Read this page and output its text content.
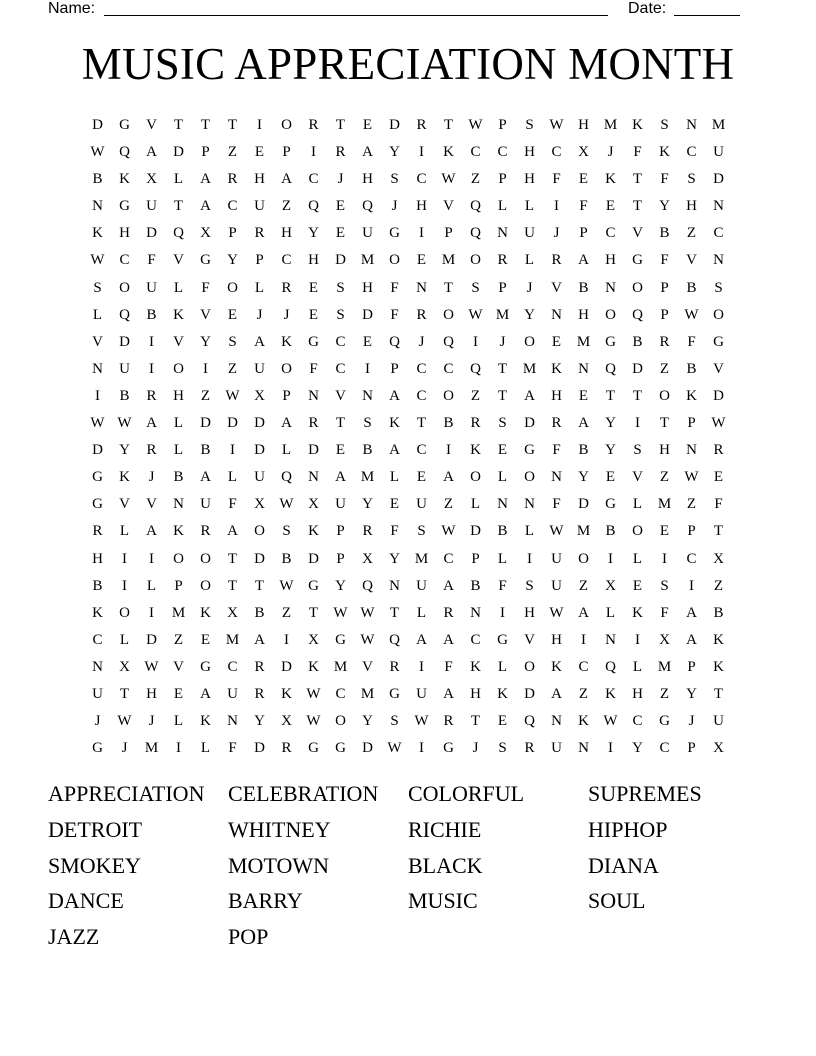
Name:	Date:
MUSIC APPRECIATION MONTH
D	G	V	T	T	T	I	O	R	T	E	D	R	T	W	P	S	W H M K	S	N M
W Q	A	D	P	Z	E	P	I	R	A	Y	I	K	C	C	H	C	X	J	F	K	C	U
B	K	X	L	A	R	H	A	C	J	H	S	C W	Z	P	H	F	E	K	T	F	S	D
N	G	U	T	A	C	U	Z	Q	E	Q	J	H	V	Q	L	L	I	F	E	T	Y	H	N
K	H	D	Q	X	P	R	H	Y	E	U	G	I	P	Q	N	U	J	P	C	V	B	Z	C
W C	F	V	G	Y	P	C	H	D M O	E	M O	R	L	R	A	H	G	F	V	N
S	O	U	L	F	O	L	R	E	S	H	F	N	T	S	P	J	V	B	N	O	P	B	S
L	Q	B	K	V	E	J	J	E	S	D	F	R	O W M Y	N	H	O	Q	P	W O
V	D	I	V	Y	S	A	K	G	C	E	Q	J	Q	I	J	O	E	M G	B	R	F	G
N	U	I	O	I	Z	U	O	F	C	I	P	C	C	Q	T	M K	N	Q	D	Z	B	V
I	B	R	H	Z	W X	P	N	V	N	A	C	O	Z	T	A	H	E	T	T	O	K	D
W W A	L	D	D	D	A	R	T	S	K	T	B	R	S	D	R	A	Y	I	T	P	W
D	Y	R	L	B	I	D	L	D	E	B	A	C	I	K	E	G	F	B	Y	S	H	N	R
G	K	J	B	A	L	U	Q	N	A M	L	E	A	O	L	O	N	Y	E	V	Z	W	E
G	V	V	N	U	F	X W X	U	Y	E	U	Z	L	N	N	F	D	G	L	M	Z	F
R	L	A	K	R	A	O	S	K	P	R	F	S	W D	B	L	W M	B	O	E	P	T
H	I	I	O	O	T	D	B	D	P	X	Y M	C	P	L	I	U	O	I	L	I	C	X
B	I	L	P	O	T	T	W G	Y	Q	N	U	A	B	F	S	U	Z	X	E	S	I	Z
K	O	I	M K	X	B	Z	T	W W	T	L	R	N	I	H W A	L	K	F	A	B
C	L	D	Z	E	M A	I	X	G W Q	A	A	C	G	V	H	I	N	I	X	A	K
N	X W V	G	C	R	D	K M V	R	I	F	K	L	O	K	C	Q	L	M	P	K
U	T	H	E	A	U	R	K W C	M G	U	A	H	K	D	A	Z	K	H	Z	Y	T
J	W	J	L	K	N	Y	X W O	Y	S	W R	T	E	Q	N	K W C	G	J	U
G	J	M	I	L	F	D	R	G	G	D W	I	G	J	S	R	U	N	I	Y	C	P	X
APPRECIATION	CELEBRATION	COLORFUL	SUPREMES
DETROIT	WHITNEY	RICHIE	HIPHOP
SMOKEY	MOTOWN	BLACK	DIANA
DANCE	BARRY	MUSIC	SOUL
JAZZ	POP
